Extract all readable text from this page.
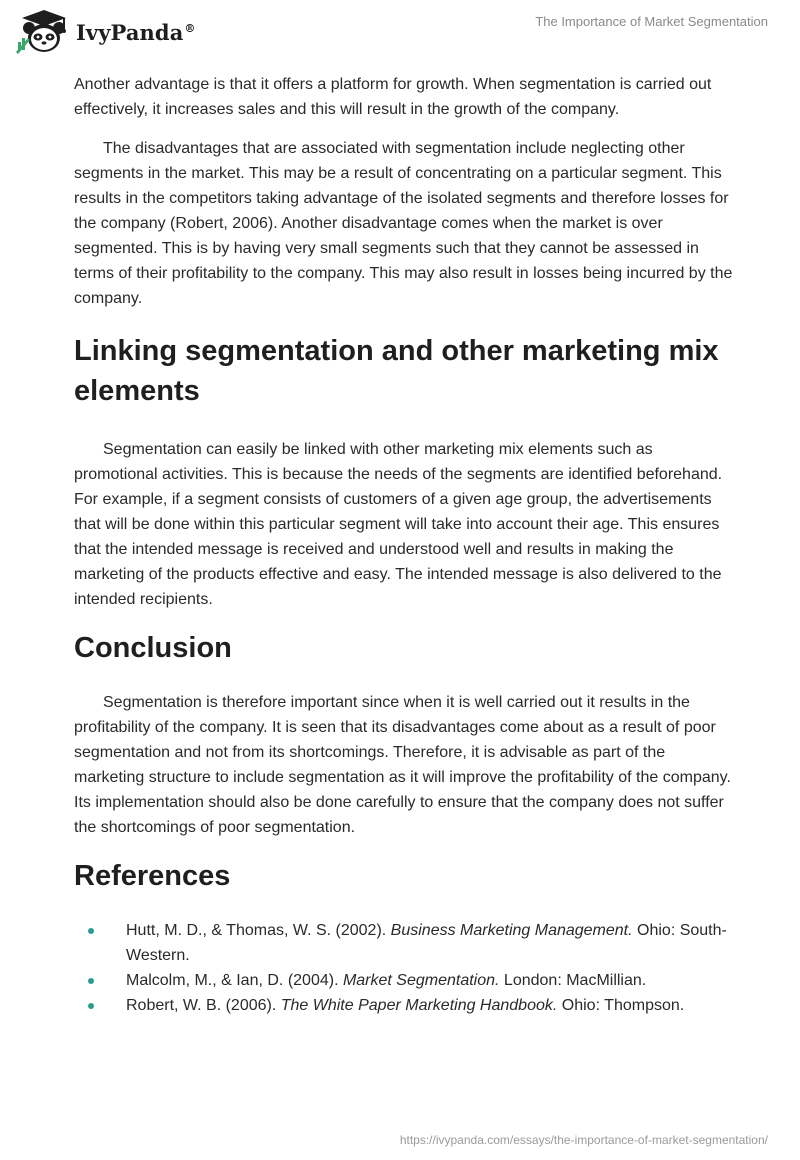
IvyPanda®	The Importance of Market Segmentation

Another advantage is that it offers a platform for growth. When segmentation is carried out effectively, it increases sales and this will result in the growth of the company.

The disadvantages that are associated with segmentation include neglecting other segments in the market. This may be a result of concentrating on a particular segment. This results in the competitors taking advantage of the isolated segments and therefore losses for the company (Robert, 2006). Another disadvantage comes when the market is over segmented. This is by having very small segments such that they cannot be assessed in terms of their profitability to the company. This may also result in losses being incurred by the company.

Linking segmentation and other marketing mix elements

Segmentation can easily be linked with other marketing mix elements such as promotional activities. This is because the needs of the segments are identified beforehand. For example, if a segment consists of customers of a given age group, the advertisements that will be done within this particular segment will take into account their age. This ensures that the intended message is received and understood well and results in making the marketing of the products effective and easy. The intended message is also delivered to the intended recipients.

Conclusion

Segmentation is therefore important since when it is well carried out it results in the profitability of the company. It is seen that its disadvantages come about as a result of poor segmentation and not from its shortcomings. Therefore, it is advisable as part of the marketing structure to include segmentation as it will improve the profitability of the company. Its implementation should also be done carefully to ensure that the company does not suffer the shortcomings of poor segmentation.

References
Hutt, M. D., & Thomas, W. S. (2002). Business Marketing Management. Ohio: South-Western.
Malcolm, M., & Ian, D. (2004). Market Segmentation. London: MacMillian.
Robert, W. B. (2006). The White Paper Marketing Handbook. Ohio: Thompson.
https://ivypanda.com/essays/the-importance-of-market-segmentation/
